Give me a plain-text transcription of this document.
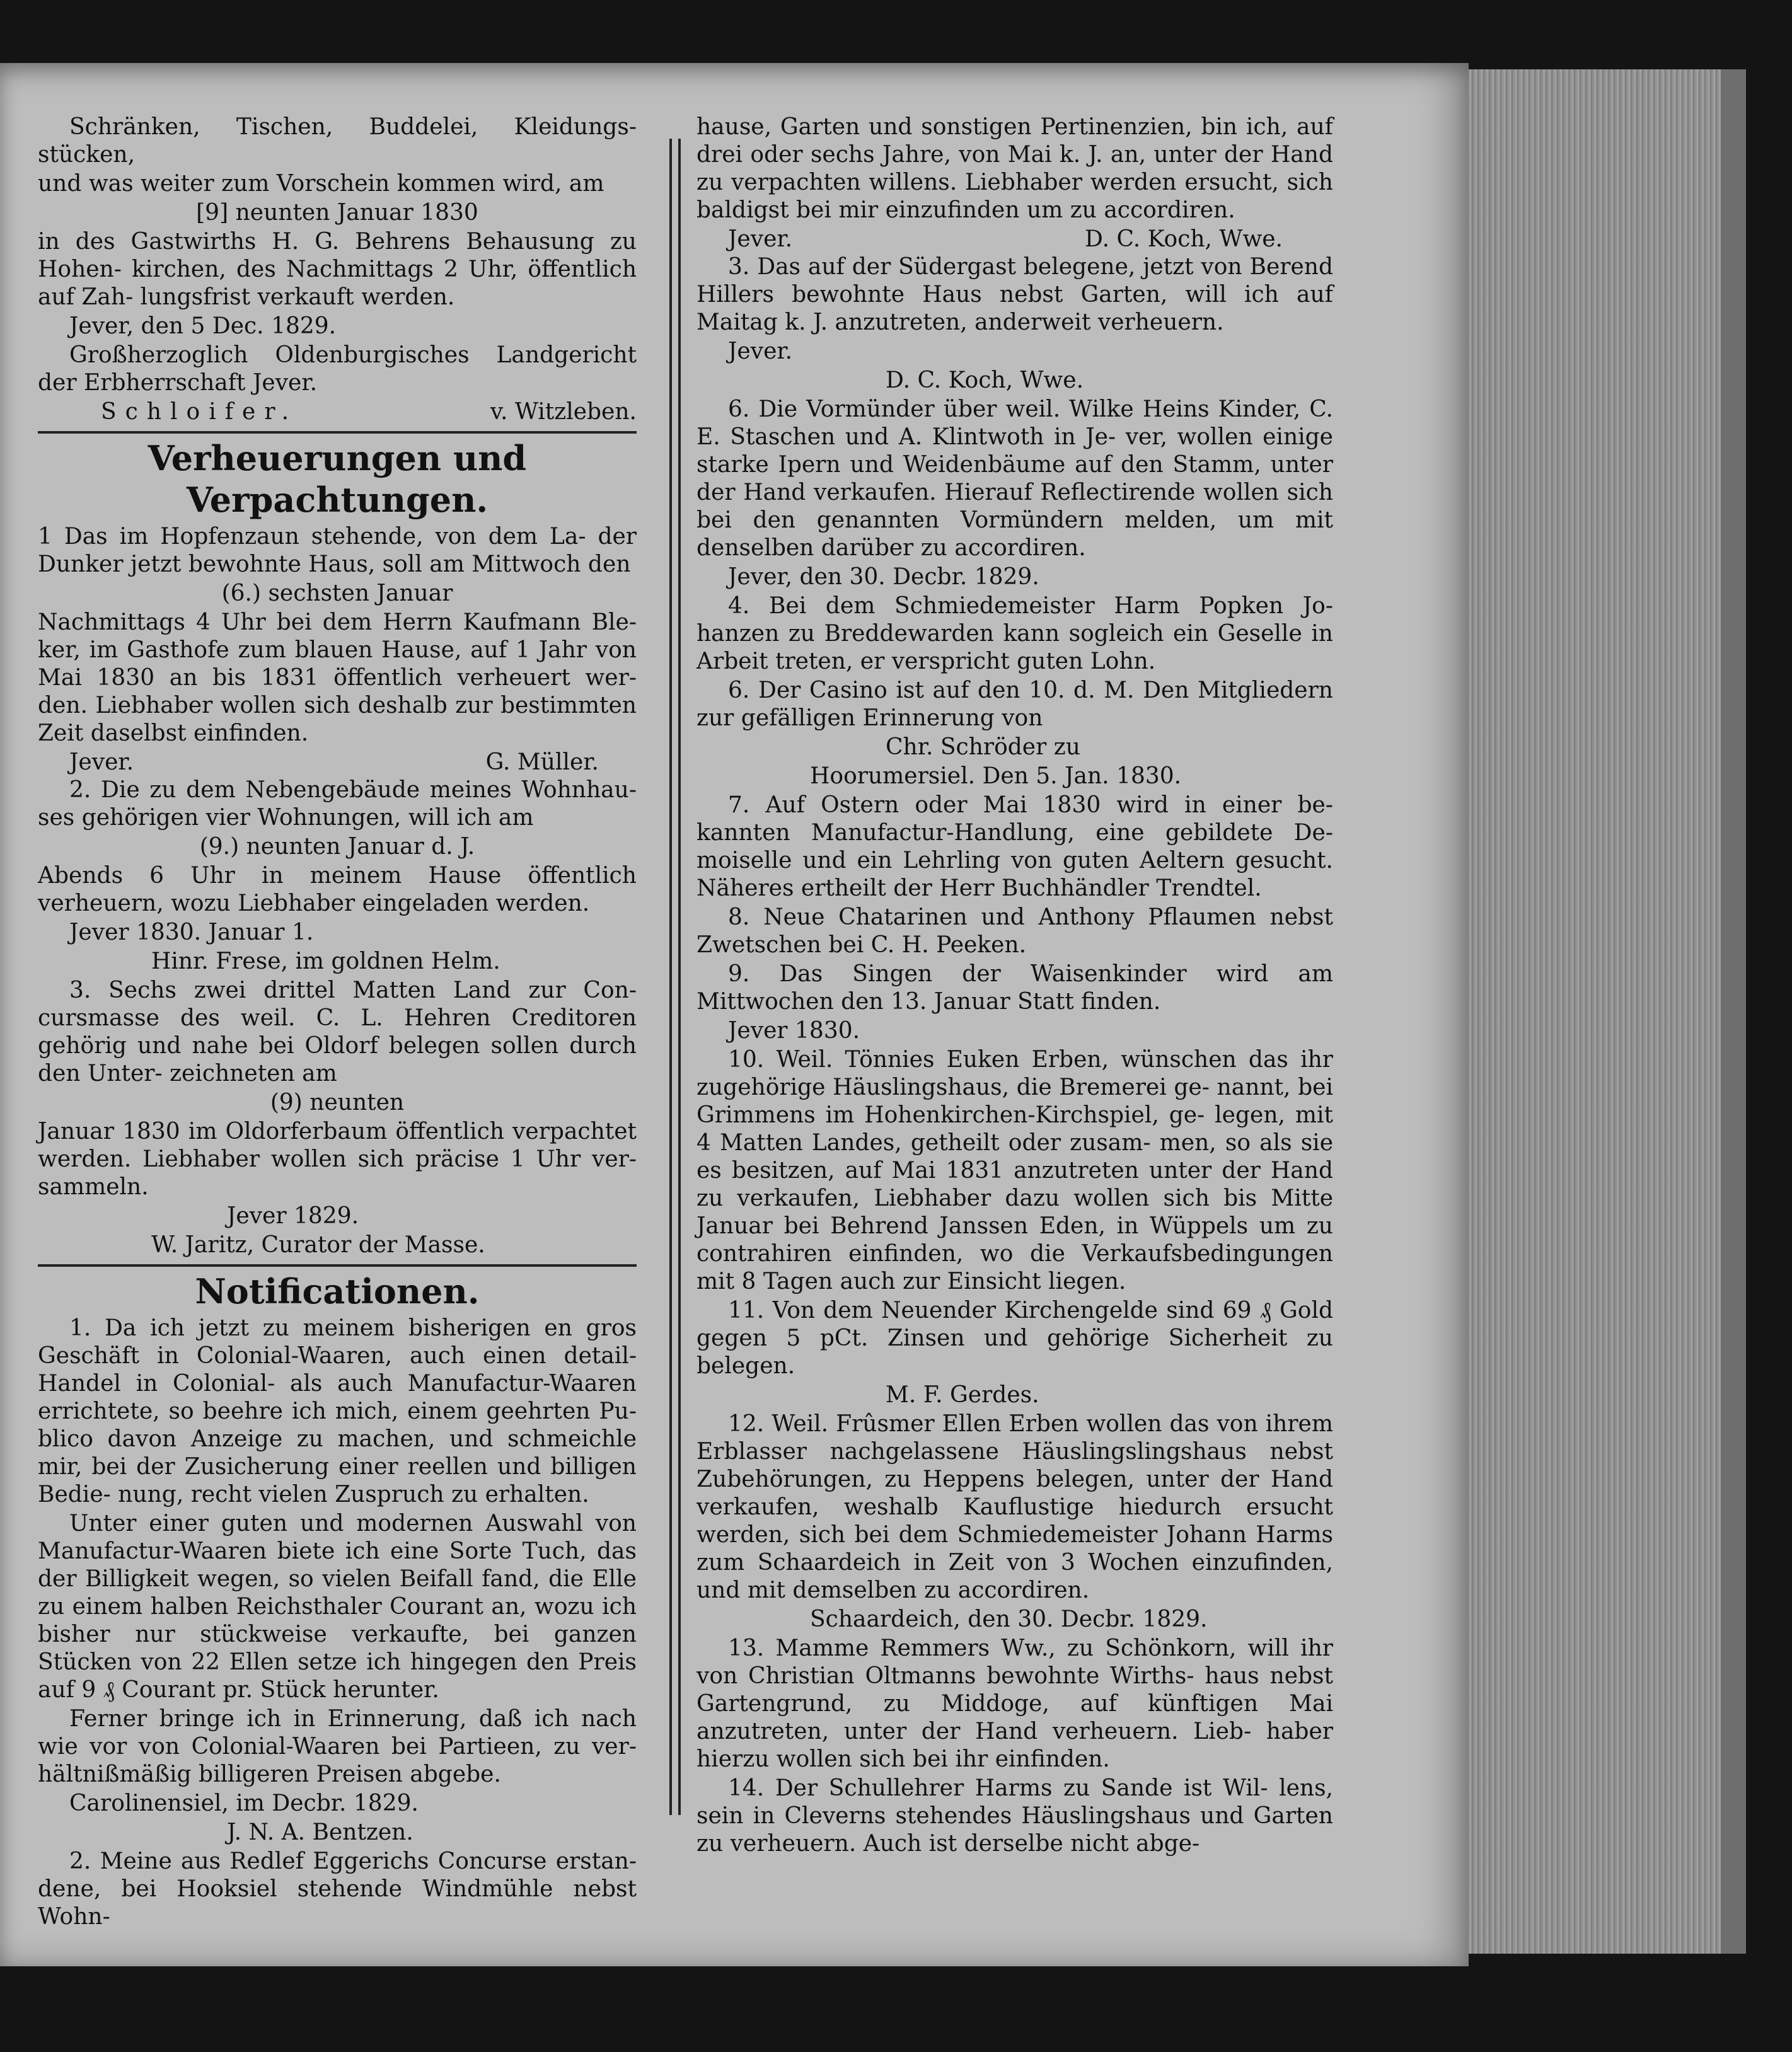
Schränken, Tischen, Buddelei, Kleidungs- stücken,

und was weiter zum Vorschein kommen wird, am

[9] neunten Januar 1830

in des Gastwirths H. G. Behrens Behausung zu Hohen- kirchen, des Nachmittags 2 Uhr, öffentlich auf Zah- lungsfrist verkauft werden.

Jever, den 5 Dec. 1829.

Großherzoglich Oldenburgisches Landgericht der Erbherrschaft Jever.

Schloifer.	v. Witzleben.
Verheuerungen und Verpachtungen.

1 Das im Hopfenzaun stehende, von dem La- der Dunker jetzt bewohnte Haus, soll am Mittwoch den

(6.) sechsten Januar

Nachmittags 4 Uhr bei dem Herrn Kaufmann Ble- ker, im Gasthofe zum blauen Hause, auf 1 Jahr von Mai 1830 an bis 1831 öffentlich verheuert wer- den. Liebhaber wollen sich deshalb zur bestimmten Zeit daselbst einfinden.

Jever.	G. Müller.

2. Die zu dem Nebengebäude meines Wohnhau- ses gehörigen vier Wohnungen, will ich am

(9.) neunten Januar d. J.

Abends 6 Uhr in meinem Hause öffentlich verheuern, wozu Liebhaber eingeladen werden.

Jever 1830. Januar 1.

Hinr. Frese, im goldnen Helm.

3. Sechs zwei drittel Matten Land zur Con- cursmasse des weil. C. L. Hehren Creditoren gehörig und nahe bei Oldorf belegen sollen durch den Unter- zeichneten am

(9) neunten

Januar 1830 im Oldorferbaum öffentlich verpachtet werden. Liebhaber wollen sich präcise 1 Uhr ver- sammeln.

Jever 1829.

W. Jaritz, Curator der Masse.

Notificationen.

1. Da ich jetzt zu meinem bisherigen en gros Geschäft in Colonial-Waaren, auch einen detail- Handel in Colonial- als auch Manufactur-Waaren errichtete, so beehre ich mich, einem geehrten Pu- blico davon Anzeige zu machen, und schmeichle mir, bei der Zusicherung einer reellen und billigen Bedie- nung, recht vielen Zuspruch zu erhalten.

Unter einer guten und modernen Auswahl von Manufactur-Waaren biete ich eine Sorte Tuch, das der Billigkeit wegen, so vielen Beifall fand, die Elle zu einem halben Reichsthaler Courant an, wozu ich bisher nur stückweise verkaufte, bei ganzen Stücken von 22 Ellen setze ich hingegen den Preis auf 9 ₰ Courant pr. Stück herunter.

Ferner bringe ich in Erinnerung, daß ich nach wie vor von Colonial-Waaren bei Partieen, zu ver- hältnißmäßig billigeren Preisen abgebe.

Carolinensiel, im Decbr. 1829.

J. N. A. Bentzen.

2. Meine aus Redlef Eggerichs Concurse erstan- dene, bei Hooksiel stehende Windmühle nebst Wohn-

hause, Garten und sonstigen Pertinenzien, bin ich, auf drei oder sechs Jahre, von Mai k. J. an, unter der Hand zu verpachten willens. Liebhaber werden ersucht, sich baldigst bei mir einzufinden um zu accordiren.

Jever.	D. C. Koch, Wwe.

3. Das auf der Südergast belegene, jetzt von Berend Hillers bewohnte Haus nebst Garten, will ich auf Maitag k. J. anzutreten, anderweit verheuern.

Jever.

D. C. Koch, Wwe.

6. Die Vormünder über weil. Wilke Heins Kinder, C. E. Staschen und A. Klintwoth in Je- ver, wollen einige starke Ipern und Weidenbäume auf den Stamm, unter der Hand verkaufen. Hierauf Reflectirende wollen sich bei den genannten Vormündern melden, um mit denselben darüber zu accordiren.

Jever, den 30. Decbr. 1829.

4. Bei dem Schmiedemeister Harm Popken Jo- hanzen zu Breddewarden kann sogleich ein Geselle in Arbeit treten, er verspricht guten Lohn.

6. Der Casino ist auf den 10. d. M. Den Mitgliedern zur gefälligen Erinnerung von

Chr. Schröder zu

Hoorumersiel. Den 5. Jan. 1830.

7. Auf Ostern oder Mai 1830 wird in einer be- kannten Manufactur-Handlung, eine gebildete De- moiselle und ein Lehrling von guten Aeltern gesucht. Näheres ertheilt der Herr Buchhändler Trendtel.

8. Neue Chatarinen und Anthony Pflaumen nebst Zwetschen bei C. H. Peeken.

9. Das Singen der Waisenkinder wird am Mittwochen den 13. Januar Statt finden.

Jever 1830.

10. Weil. Tönnies Euken Erben, wünschen das ihr zugehörige Häuslingshaus, die Bremerei ge- nannt, bei Grimmens im Hohenkirchen-Kirchspiel, ge- legen, mit 4 Matten Landes, getheilt oder zusam- men, so als sie es besitzen, auf Mai 1831 anzutreten unter der Hand zu verkaufen, Liebhaber dazu wollen sich bis Mitte Januar bei Behrend Janssen Eden, in Wüppels um zu contrahiren einfinden, wo die Verkaufsbedingungen mit 8 Tagen auch zur Einsicht liegen.

11. Von dem Neuender Kirchengelde sind 69 ₰ Gold gegen 5 pCt. Zinsen und gehörige Sicherheit zu belegen.

M. F. Gerdes.

12. Weil. Frûsmer Ellen Erben wollen das von ihrem Erblasser nachgelassene Häuslingslingshaus nebst Zubehörungen, zu Heppens belegen, unter der Hand verkaufen, weshalb Kauflustige hiedurch ersucht werden, sich bei dem Schmiedemeister Johann Harms zum Schaardeich in Zeit von 3 Wochen einzufinden, und mit demselben zu accordiren.

Schaardeich, den 30. Decbr. 1829.

13. Mamme Remmers Ww., zu Schönkorn, will ihr von Christian Oltmanns bewohnte Wirths- haus nebst Gartengrund, zu Middoge, auf künftigen Mai anzutreten, unter der Hand verheuern. Lieb- haber hierzu wollen sich bei ihr einfinden.

14. Der Schullehrer Harms zu Sande ist Wil- lens, sein in Cleverns stehendes Häuslingshaus und Garten zu verheuern. Auch ist derselbe nicht abge-
